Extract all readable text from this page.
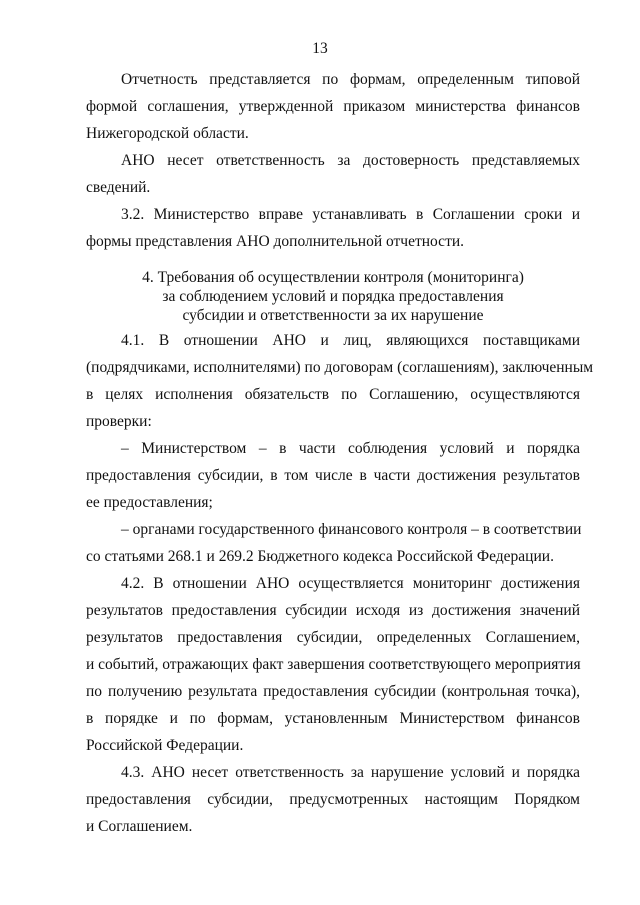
13
Отчетность представляется по формам, определенным типовой
формой соглашения, утвержденной приказом министерства финансов
Нижегородской области.
АНО несет ответственность за достоверность представляемых
сведений.
3.2. Министерство вправе устанавливать в Соглашении сроки и
формы представления АНО дополнительной отчетности.
4. Требования об осуществлении контроля (мониторинга)
за соблюдением условий и порядка предоставления
субсидии и ответственности за их нарушение
4.1. В отношении АНО и лиц, являющихся поставщиками
(подрядчиками, исполнителями) по договорам (соглашениям), заключенным
в целях исполнения обязательств по Соглашению, осуществляются
проверки:
– Министерством – в части соблюдения условий и порядка
предоставления субсидии, в том числе в части достижения результатов
ее предоставления;
– органами государственного финансового контроля – в соответствии
со статьями 268.1 и 269.2 Бюджетного кодекса Российской Федерации.
4.2. В отношении АНО осуществляется мониторинг достижения
результатов предоставления субсидии исходя из достижения значений
результатов предоставления субсидии, определенных Соглашением,
и событий, отражающих факт завершения соответствующего мероприятия
по получению результата предоставления субсидии (контрольная точка),
в порядке и по формам, установленным Министерством финансов
Российской Федерации.
4.3. АНО несет ответственность за нарушение условий и порядка
предоставления субсидии, предусмотренных настоящим Порядком
и Соглашением.
